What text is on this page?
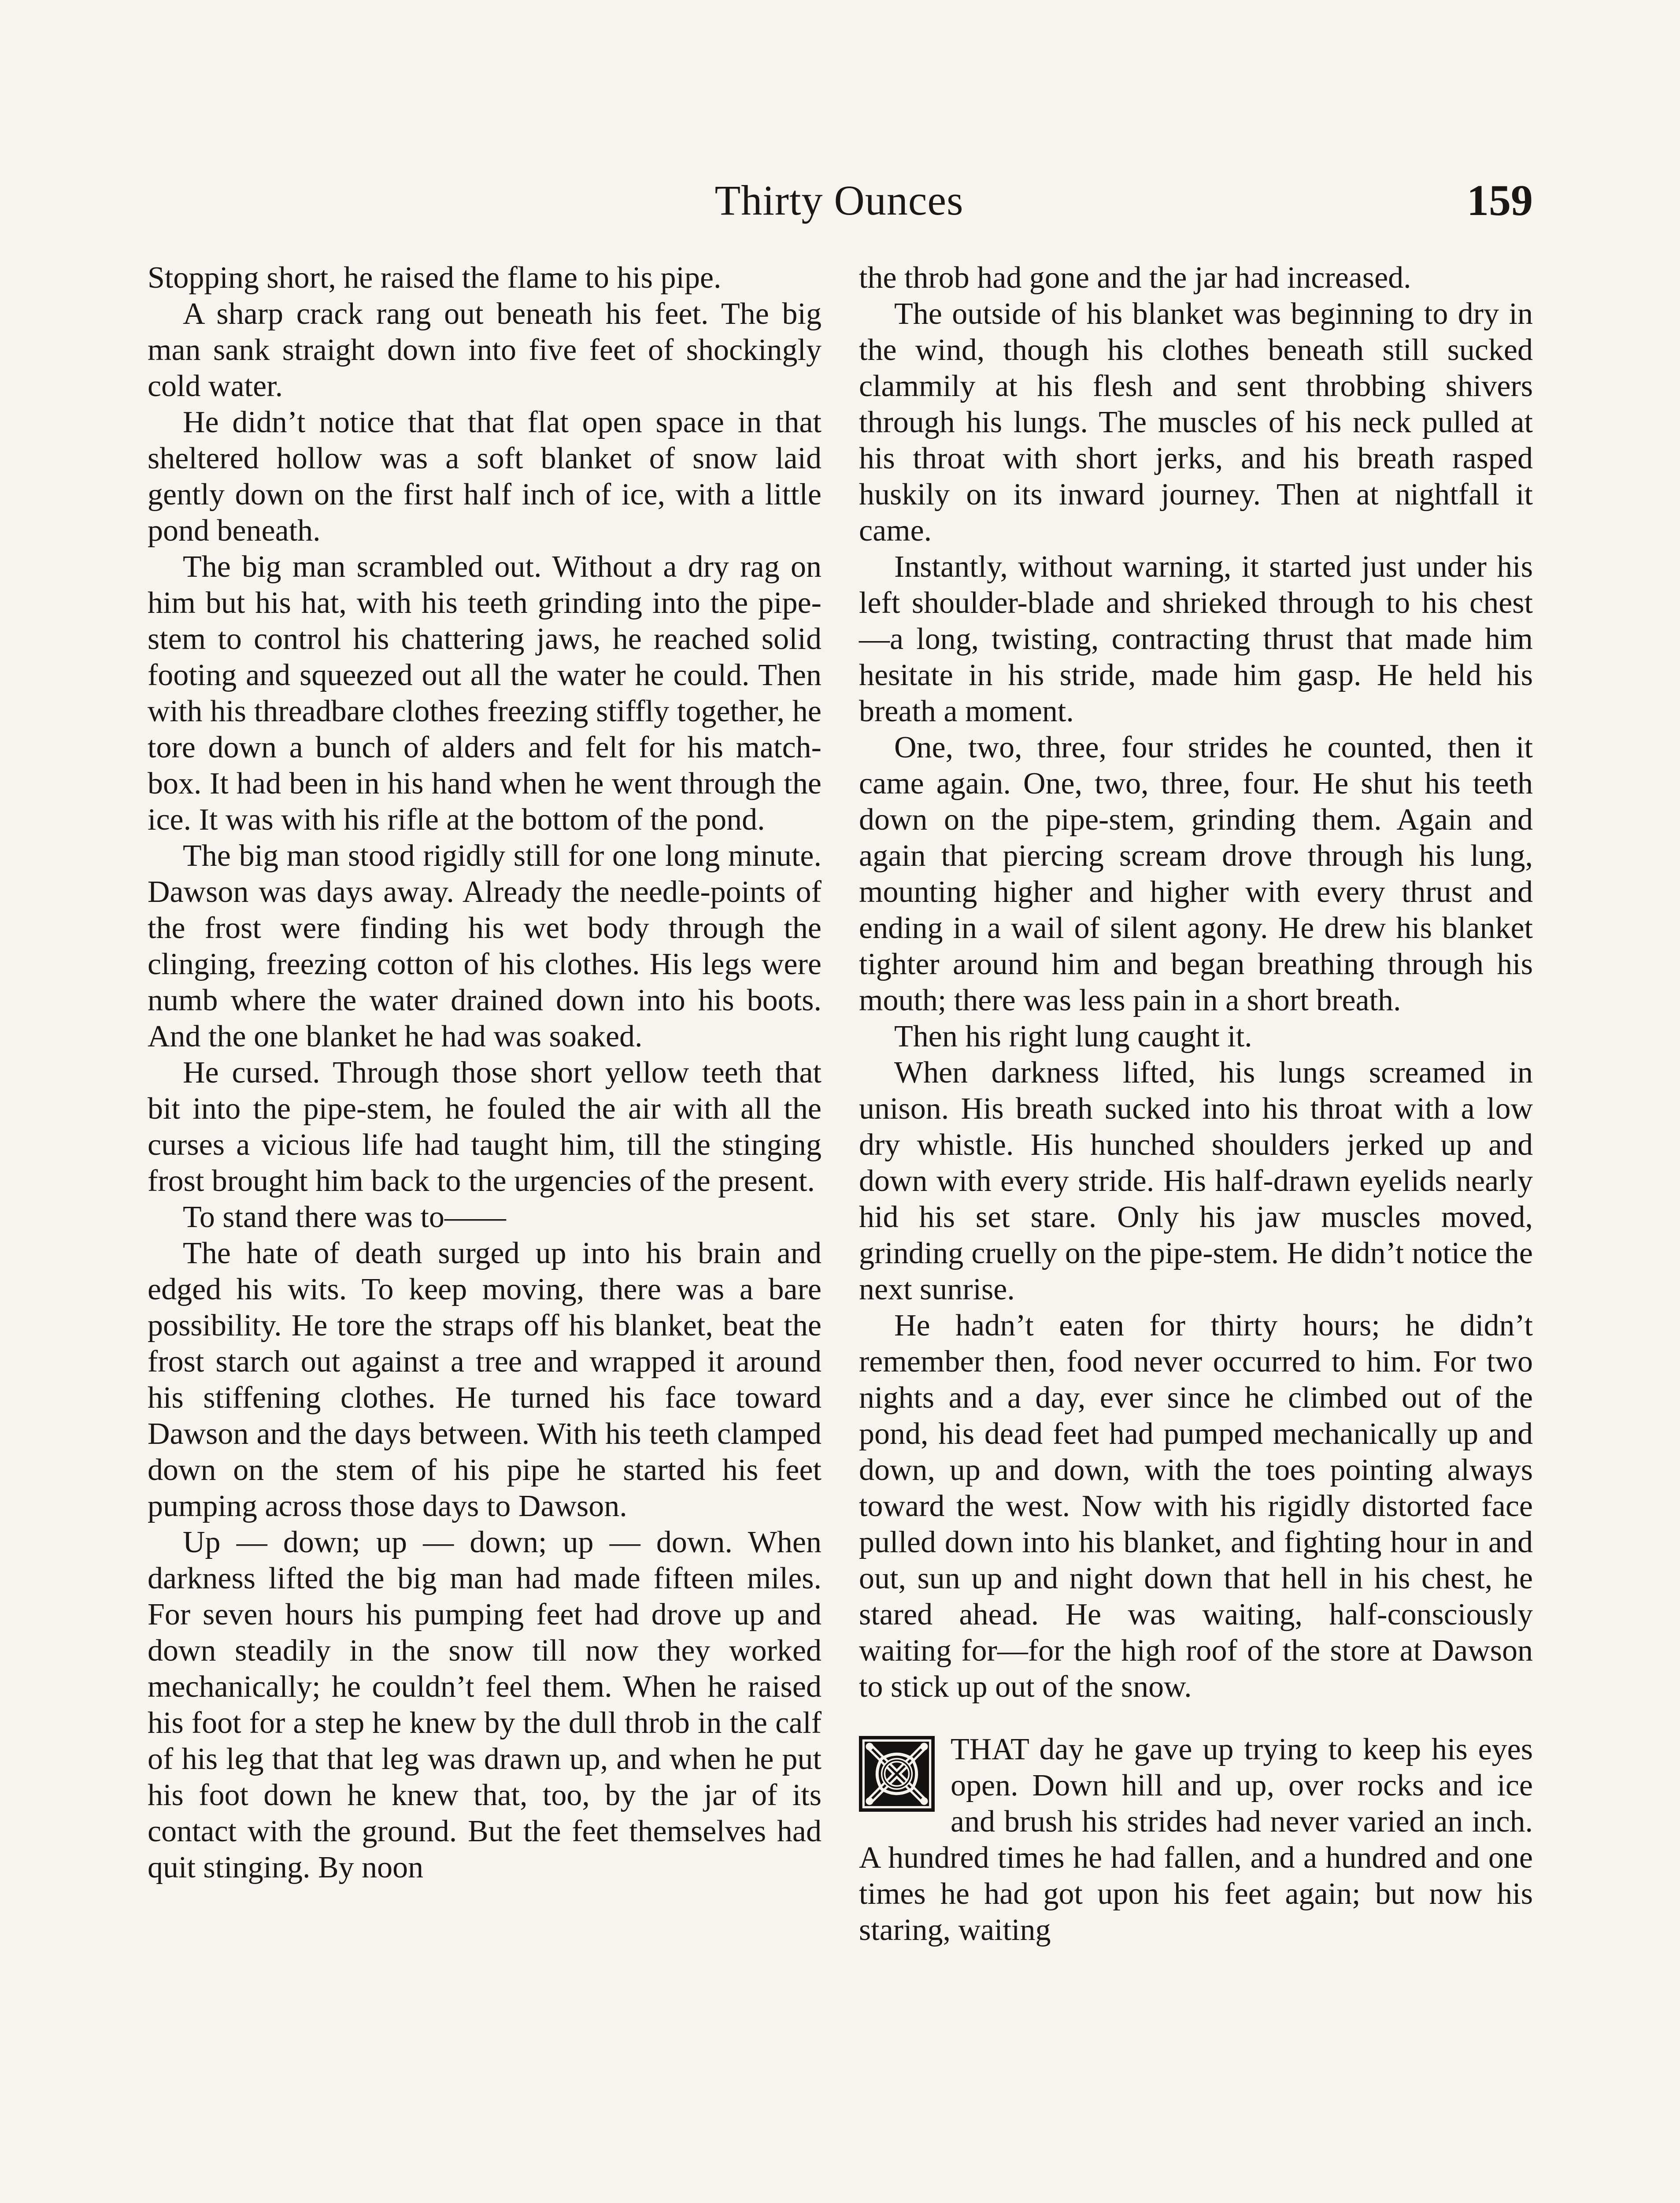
Thirty Ounces	159

Stopping short, he raised the flame to his pipe.

A sharp crack rang out beneath his feet. The big man sank straight down into five feet of shockingly cold water.

He didn’t notice that that flat open space in that sheltered hollow was a soft blanket of snow laid gently down on the first half inch of ice, with a little pond beneath.

The big man scrambled out. Without a dry rag on him but his hat, with his teeth grinding into the pipe-stem to control his chattering jaws, he reached solid footing and squeezed out all the water he could. Then with his threadbare clothes freezing stiffly together, he tore down a bunch of alders and felt for his match-box. It had been in his hand when he went through the ice. It was with his rifle at the bottom of the pond.

The big man stood rigidly still for one long minute. Dawson was days away. Already the needle-points of the frost were finding his wet body through the clinging, freezing cotton of his clothes. His legs were numb where the water drained down into his boots. And the one blanket he had was soaked.

He cursed. Through those short yellow teeth that bit into the pipe-stem, he fouled the air with all the curses a vicious life had taught him, till the stinging frost brought him back to the urgencies of the present.

To stand there was to——

The hate of death surged up into his brain and edged his wits. To keep moving, there was a bare possibility. He tore the straps off his blanket, beat the frost starch out against a tree and wrapped it around his stiffening clothes. He turned his face toward Dawson and the days between. With his teeth clamped down on the stem of his pipe he started his feet pumping across those days to Dawson.

Up — down; up — down; up — down. When darkness lifted the big man had made fifteen miles. For seven hours his pumping feet had drove up and down steadily in the snow till now they worked mechanically; he couldn’t feel them. When he raised his foot for a step he knew by the dull throb in the calf of his leg that that leg was drawn up, and when he put his foot down he knew that, too, by the jar of its contact with the ground. But the feet themselves had quit stinging. By noon

the throb had gone and the jar had increased.

The outside of his blanket was beginning to dry in the wind, though his clothes beneath still sucked clammily at his flesh and sent throbbing shivers through his lungs. The muscles of his neck pulled at his throat with short jerks, and his breath rasped huskily on its inward journey. Then at nightfall it came.

Instantly, without warning, it started just under his left shoulder-blade and shrieked through to his chest—a long, twisting, contracting thrust that made him hesitate in his stride, made him gasp. He held his breath a moment.

One, two, three, four strides he counted, then it came again. One, two, three, four. He shut his teeth down on the pipe-stem, grinding them. Again and again that piercing scream drove through his lung, mounting higher and higher with every thrust and ending in a wail of silent agony. He drew his blanket tighter around him and began breathing through his mouth; there was less pain in a short breath.

Then his right lung caught it.

When darkness lifted, his lungs screamed in unison. His breath sucked into his throat with a low dry whistle. His hunched shoulders jerked up and down with every stride. His half-drawn eyelids nearly hid his set stare. Only his jaw muscles moved, grinding cruelly on the pipe-stem. He didn’t notice the next sunrise.

He hadn’t eaten for thirty hours; he didn’t remember then, food never occurred to him. For two nights and a day, ever since he climbed out of the pond, his dead feet had pumped mechanically up and down, up and down, with the toes pointing always toward the west. Now with his rigidly distorted face pulled down into his blanket, and fighting hour in and out, sun up and night down that hell in his chest, he stared ahead. He was waiting, half-consciously waiting for—for the high roof of the store at Dawson to stick up out of the snow.

THAT day he gave up trying to keep his eyes open. Down hill and up, over rocks and ice and brush his strides had never varied an inch. A hundred times he had fallen, and a hundred and one times he had got upon his feet again; but now his staring, waiting
